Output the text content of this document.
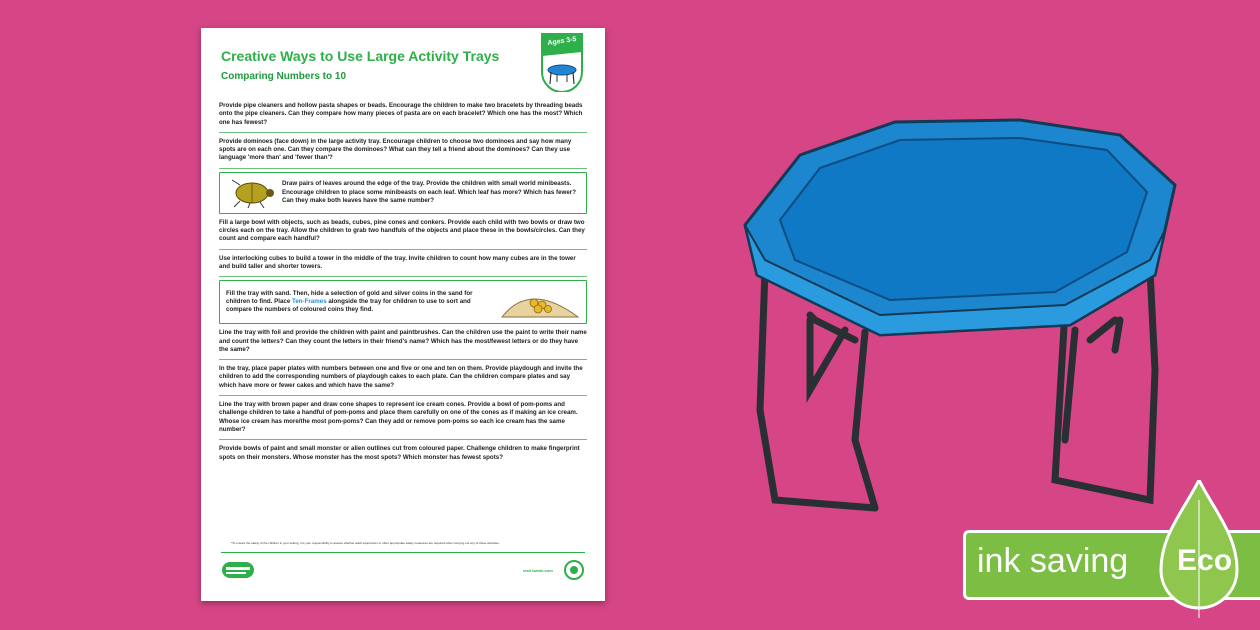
Creative Ways to Use Large Activity Trays
Comparing Numbers to 10
Ages 3-5
Provide pipe cleaners and hollow pasta shapes or beads. Encourage the children to make two bracelets by threading beads onto the pipe cleaners. Can they compare how many pieces of pasta are on each bracelet? Which one has the most? Which one has fewest?
Provide dominoes (face down) in the large activity tray. Encourage children to choose two dominoes and say how many spots are on each one. Can they compare the dominoes? What can they tell a friend about the dominoes? Can they use language 'more than' and 'fewer than'?
Draw pairs of leaves around the edge of the tray. Provide the children with small world minibeasts. Encourage children to place some minibeasts on each leaf. Which leaf has more? Which has fewer? Can they make both leaves have the same number?
Fill a large bowl with objects, such as beads, cubes, pine cones and conkers. Provide each child with two bowls or draw two circles each on the tray. Allow the children to grab two handfuls of the objects and place these in the bowls/circles. Can they count and compare each handful?
Use interlocking cubes to build a tower in the middle of the tray. Invite children to count how many cubes are in the tower and build taller and shorter towers.
Fill the tray with sand. Then, hide a selection of gold and silver coins in the sand for children to find. Place Ten-Frames alongside the tray for children to use to sort and compare the numbers of coloured coins they find.
Line the tray with foil and provide the children with paint and paintbrushes. Can the children use the paint to write their name and count the letters? Can they count the letters in their friend's name? Which has the most/fewest letters or do they have the same?
In the tray, place paper plates with numbers between one and five or one and ten on them. Provide playdough and invite the children to add the corresponding numbers of playdough cakes to each plate. Can the children compare plates and say which have more or fewer cakes and which have the same?
Line the tray with brown paper and draw cone shapes to represent ice cream cones. Provide a bowl of pom-poms and challenge children to take a handful of pom-poms and place them carefully on one of the cones as if making an ice cream. Whose ice cream has more/the most pom-poms? Can they add or remove pom-poms so each ice cream has the same number?
Provide bowls of paint and small monster or alien outlines cut from coloured paper. Challenge children to make fingerprint spots on their monsters. Whose monster has the most spots? Which monster has fewest spots?
*To ensure the safety of the children in your setting, it is your responsibility to assess whether adult supervision or other appropriate safety measures are required when carrying out any of these activities.
visit twinkl.com	ink saving Eco
